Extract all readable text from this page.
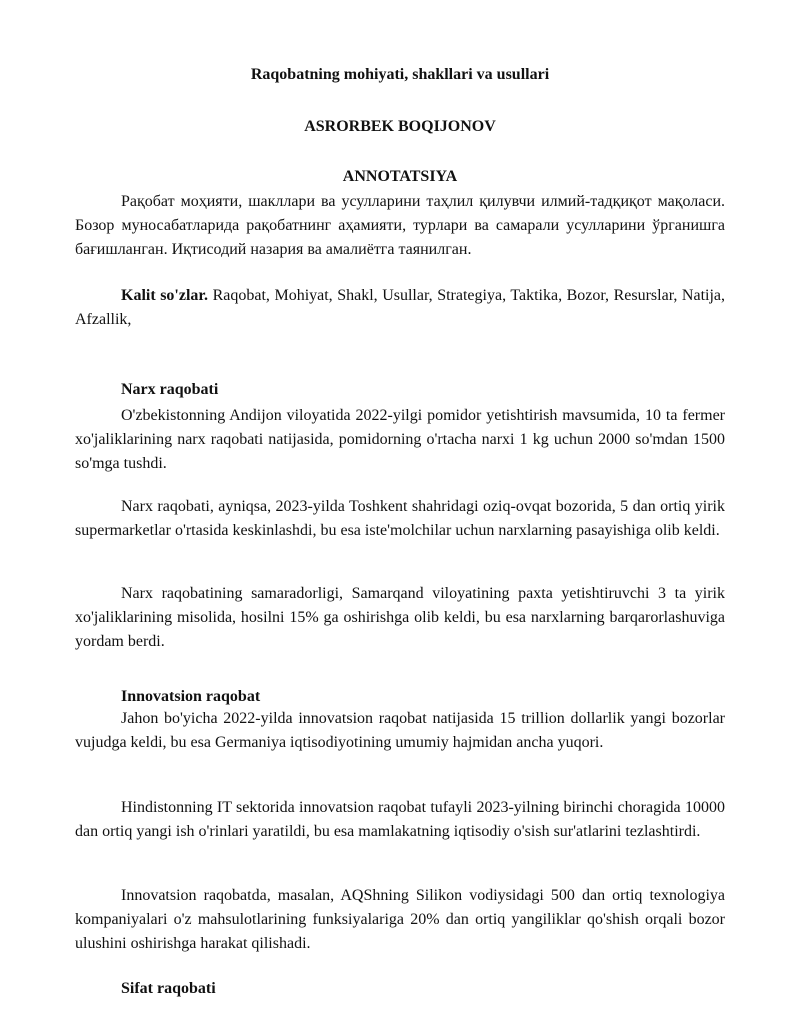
Raqobatning mohiyati, shakllari va usullari
ASRORBEK BOQIJONOV
ANNOTATSIYA

Рақобат моҳияти, шакллари ва усулларини таҳлил қилувчи илмий-тадқиқот мақоласи. Бозор муносабатларида рақобатнинг аҳамияти, турлари ва самарали усулларини ўрганишга бағишланган. Иқтисодий назария ва амалиётга таянилган.

Kalit so'zlar. Raqobat, Mohiyat, Shakl, Usullar, Strategiya, Taktika, Bozor, Resurslar, Natija, Afzallik,

Narx raqobati

O'zbekistonning Andijon viloyatida 2022-yilgi pomidor yetishtirish mavsumida, 10 ta fermer xo'jaliklarining narx raqobati natijasida, pomidorning o'rtacha narxi 1 kg uchun 2000 so'mdan 1500 so'mga tushdi.

Narx raqobati, ayniqsa, 2023-yilda Toshkent shahridagi oziq-ovqat bozorida, 5 dan ortiq yirik supermarketlar o'rtasida keskinlashdi, bu esa iste'molchilar uchun narxlarning pasayishiga olib keldi.

Narx raqobatining samaradorligi, Samarqand viloyatining paxta yetishtiruvchi 3 ta yirik xo'jaliklarining misolida, hosilni 15% ga oshirishga olib keldi, bu esa narxlarning barqarorlashuviga yordam berdi.

Innovatsion raqobat

Jahon bo'yicha 2022-yilda innovatsion raqobat natijasida 15 trillion dollarlik yangi bozorlar vujudga keldi, bu esa Germaniya iqtisodiyotining umumiy hajmidan ancha yuqori.

Hindistonning IT sektorida innovatsion raqobat tufayli 2023-yilning birinchi choragida 10000 dan ortiq yangi ish o'rinlari yaratildi, bu esa mamlakatning iqtisodiy o'sish sur'atlarini tezlashtirdi.

Innovatsion raqobatda, masalan, AQShning Silikon vodiysidagi 500 dan ortiq texnologiya kompaniyalari o'z mahsulotlarining funksiyalariga 20% dan ortiq yangiliklar qo'shish orqali bozor ulushini oshirishga harakat qilishadi.

Sifat raqobati
